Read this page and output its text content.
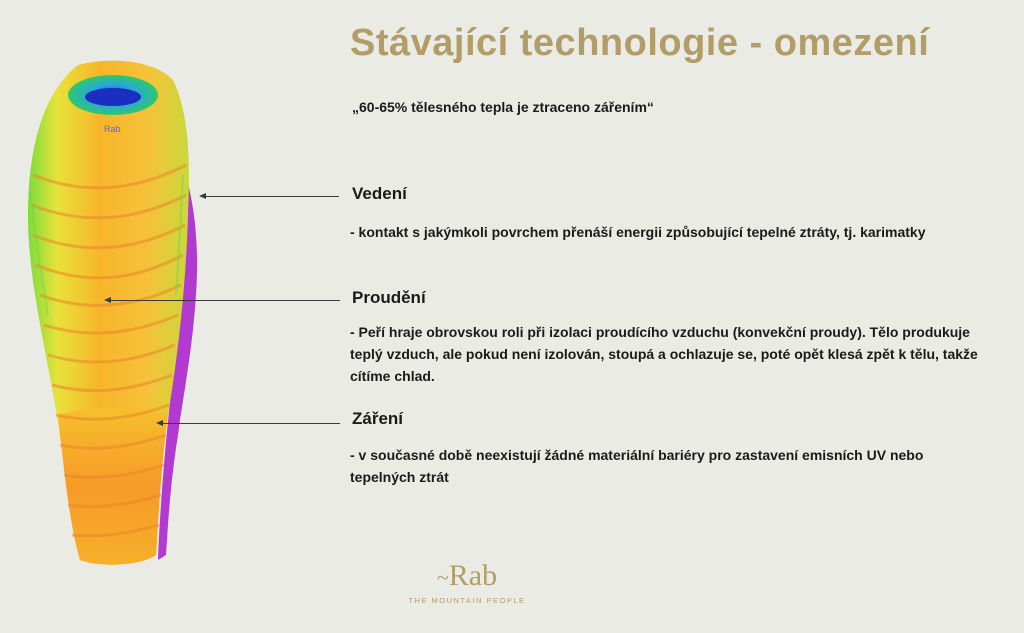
Rab
Stávající technologie - omezení
„60-65% tělesného tepla je ztraceno zářením“
Vedení
- kontakt s jakýmkoli povrchem přenáší energii způsobující tepelné ztráty, tj. karimatky
Proudění
- Peří hraje obrovskou roli při izolaci proudícího vzduchu (konvekční proudy). Tělo produkuje teplý vzduch, ale pokud není izolován, stoupá a ochlazuje se, poté opět klesá zpět k tělu, takže cítíme chlad.
Záření
- v současné době neexistují žádné materiální bariéry pro zastavení emisních UV nebo tepelných ztrát
~Rab
THE MOUNTAIN PEOPLE
